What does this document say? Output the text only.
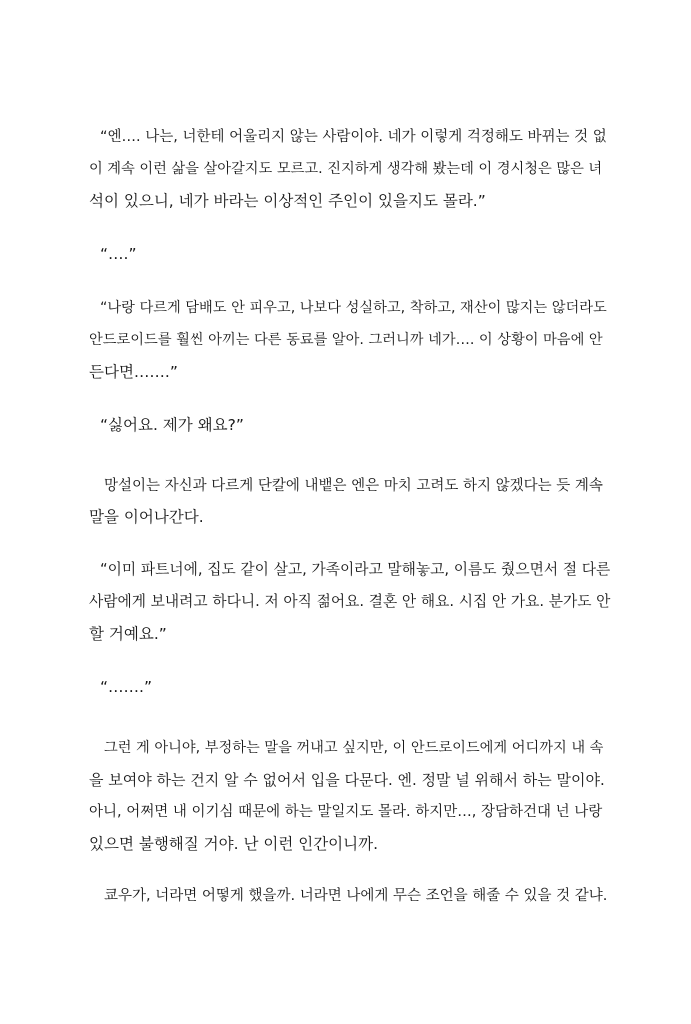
“엔…. 나는, 너한테 어울리지 않는 사람이야. 네가 이렇게 걱정해도 바뀌는 것 없

이 계속 이런 삶을 살아갈지도 모르고. 진지하게 생각해 봤는데 이 경시청은 많은 녀

석이 있으니, 네가 바라는 이상적인 주인이 있을지도 몰라.”

“….”

“나랑 다르게 담배도 안 피우고, 나보다 성실하고, 착하고, 재산이 많지는 않더라도

안드로이드를 훨씬 아끼는 다른 동료를 알아. 그러니까 네가…. 이 상황이 마음에 안

든다면…….”

“싫어요. 제가 왜요?”

망설이는 자신과 다르게 단칼에 내뱉은 엔은 마치 고려도 하지 않겠다는 듯 계속

말을 이어나간다.

“이미 파트너에, 집도 같이 살고, 가족이라고 말해놓고, 이름도 줬으면서 절 다른

사람에게 보내려고 하다니. 저 아직 젊어요. 결혼 안 해요. 시집 안 가요. 분가도 안

할 거예요.”

“…….”

그런 게 아니야, 부정하는 말을 꺼내고 싶지만, 이 안드로이드에게 어디까지 내 속

을 보여야 하는 건지 알 수 없어서 입을 다문다. 엔. 정말 널 위해서 하는 말이야.

아니, 어쩌면 내 이기심 때문에 하는 말일지도 몰라. 하지만…, 장담하건대 넌 나랑

있으면 불행해질 거야. 난 이런 인간이니까.

쿄우가, 너라면 어떻게 했을까. 너라면 나에게 무슨 조언을 해줄 수 있을 것 같냐.
